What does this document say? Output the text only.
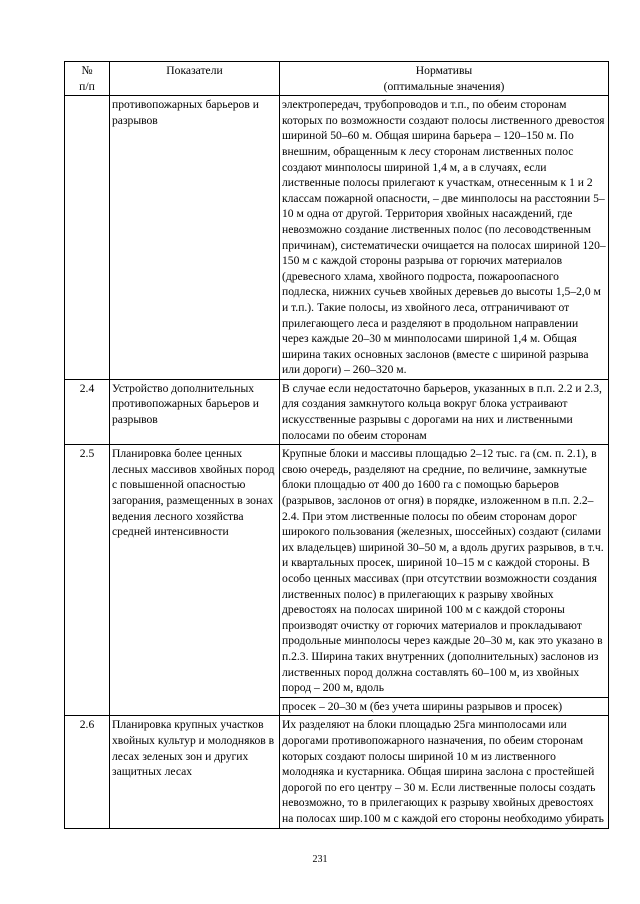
№
п/п	Показатели	Нормативы
(оптимальные значения)

	противопожарных барьеров и разрывов	электропередач, трубопроводов и т.п., по обеим сторонам которых по возможности создают полосы лиственного древостоя шириной 50–60 м. Общая ширина барьера – 120–150 м. По внешним, обращенным к лесу сторонам лиственных полос создают минполосы шириной 1,4 м, а в случаях, если лиственные полосы прилегают к участкам, отнесенным к 1 и 2 классам пожарной опасности, – две минполосы на расстоянии 5–10 м одна от другой. Территория хвойных насаждений, где невозможно создание лиственных полос (по лесоводственным причинам), систематически очищается на полосах шириной 120–150 м с каждой стороны разрыва от горючих материалов (древесного хлама, хвойного подроста, пожароопасного подлеска, нижних сучьев хвойных деревьев до высоты 1,5–2,0 м и т.п.). Такие полосы, из хвойного леса, отграничивают от прилегающего леса и разделяют в продольном направлении через каждые 20–30 м минполосами шириной 1,4 м. Общая ширина таких основных заслонов (вместе с шириной разрыва или дороги) – 260–320 м.

2.4	Устройство дополнительных противопожарных барьеров и разрывов	В случае если недостаточно барьеров, указанных в п.п. 2.2 и 2.3, для создания замкнутого кольца вокруг блока устраивают искусственные разрывы с дорогами на них и лиственными полосами по обеим сторонам

2.5	Планировка более ценных лесных массивов хвойных пород с повышенной опасностью загорания, размещенных в зонах ведения лесного хозяйства средней интенсивности	Крупные блоки и массивы площадью 2–12 тыс. га (см. п. 2.1), в свою очередь, разделяют на средние, по величине, замкнутые блоки площадью от 400 до 1600 га с помощью барьеров (разрывов, заслонов от огня) в порядке, изложенном в п.п. 2.2–2.4. При этом лиственные полосы по обеим сторонам дорог широкого пользования (железных, шоссейных) создают (силами их владельцев) шириной 30–50 м, а вдоль других разрывов, в т.ч. и квартальных просек, шириной 10–15 м с каждой стороны. В особо ценных массивах (при отсутствии возможности создания лиственных полос) в прилегающих к разрыву хвойных древостоях на полосах шириной 100 м с каждой стороны производят очистку от горючих материалов и прокладывают продольные минполосы через каждые 20–30 м, как это указано в п.2.3. Ширина таких внутренних (дополнительных) заслонов из лиственных пород должна составлять 60–100 м, из хвойных пород – 200 м, вдоль

		просек – 20–30 м (без учета ширины разрывов и просек)

2.6	Планировка крупных участков хвойных культур и молодняков в лесах зеленых зон и других защитных лесах	Их разделяют на блоки площадью 25га минполосами или дорогами противопожарного назначения, по обеим сторонам которых создают полосы шириной 10 м из лиственного молодняка и кустарника. Общая ширина заслона с простейшей дорогой по его центру – 30 м. Если лиственные полосы создать невозможно, то в прилегающих к разрыву хвойных древостоях на полосах шир.100 м с каждой его стороны необходимо убирать
231
